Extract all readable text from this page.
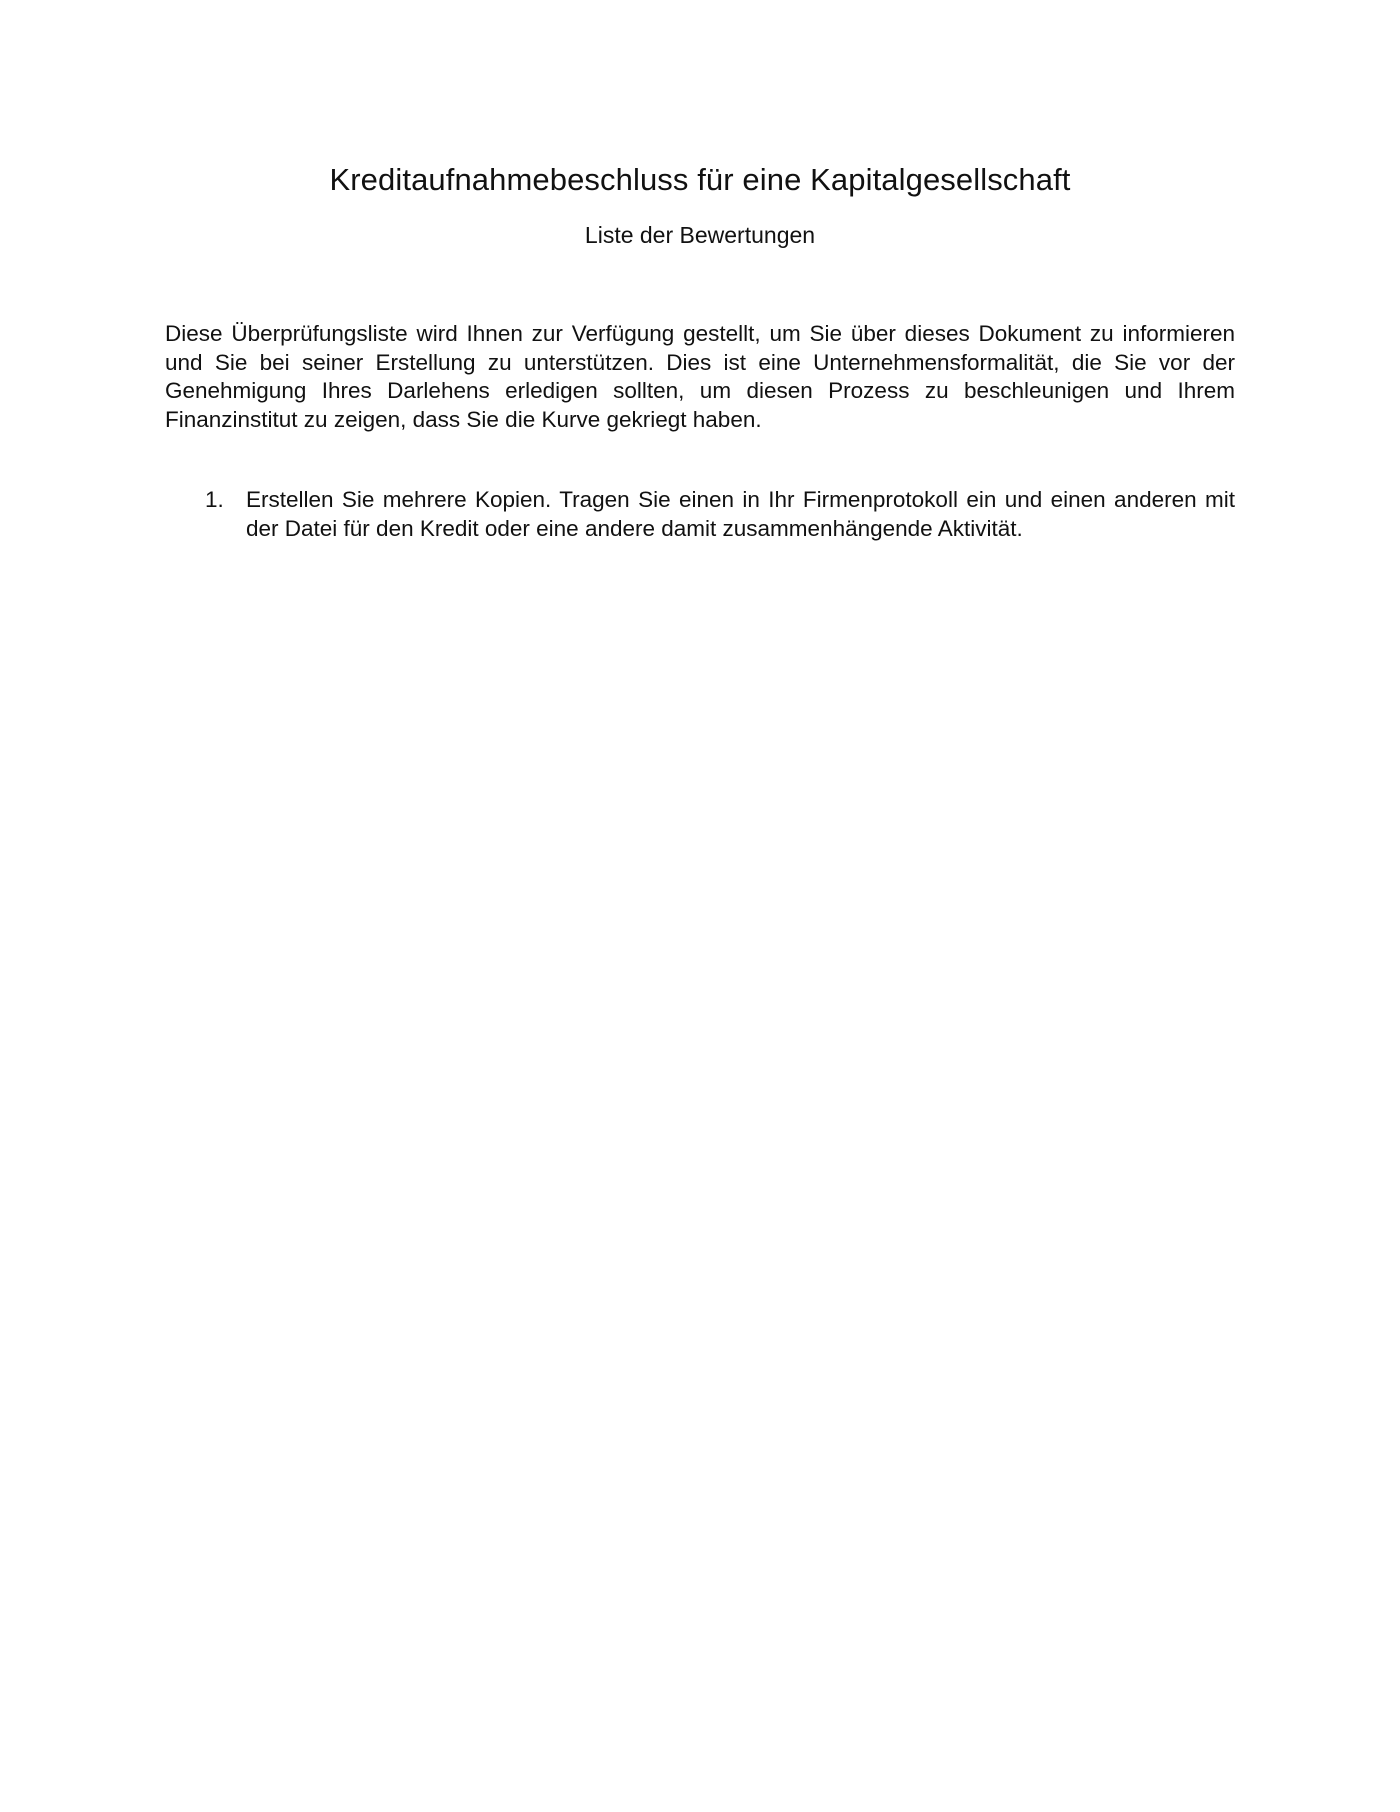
Kreditaufnahmebeschluss für eine Kapitalgesellschaft
Liste der Bewertungen

Diese Überprüfungsliste wird Ihnen zur Verfügung gestellt, um Sie über dieses Dokument zu informieren und Sie bei seiner Erstellung zu unterstützen. Dies ist eine Unternehmensformalität, die Sie vor der Genehmigung Ihres Darlehens erledigen sollten, um diesen Prozess zu beschleunigen und Ihrem Finanzinstitut zu zeigen, dass Sie die Kurve gekriegt haben.

1. Erstellen Sie mehrere Kopien. Tragen Sie einen in Ihr Firmenprotokoll ein und einen anderen mit der Datei für den Kredit oder eine andere damit zusammenhängende Aktivität.
